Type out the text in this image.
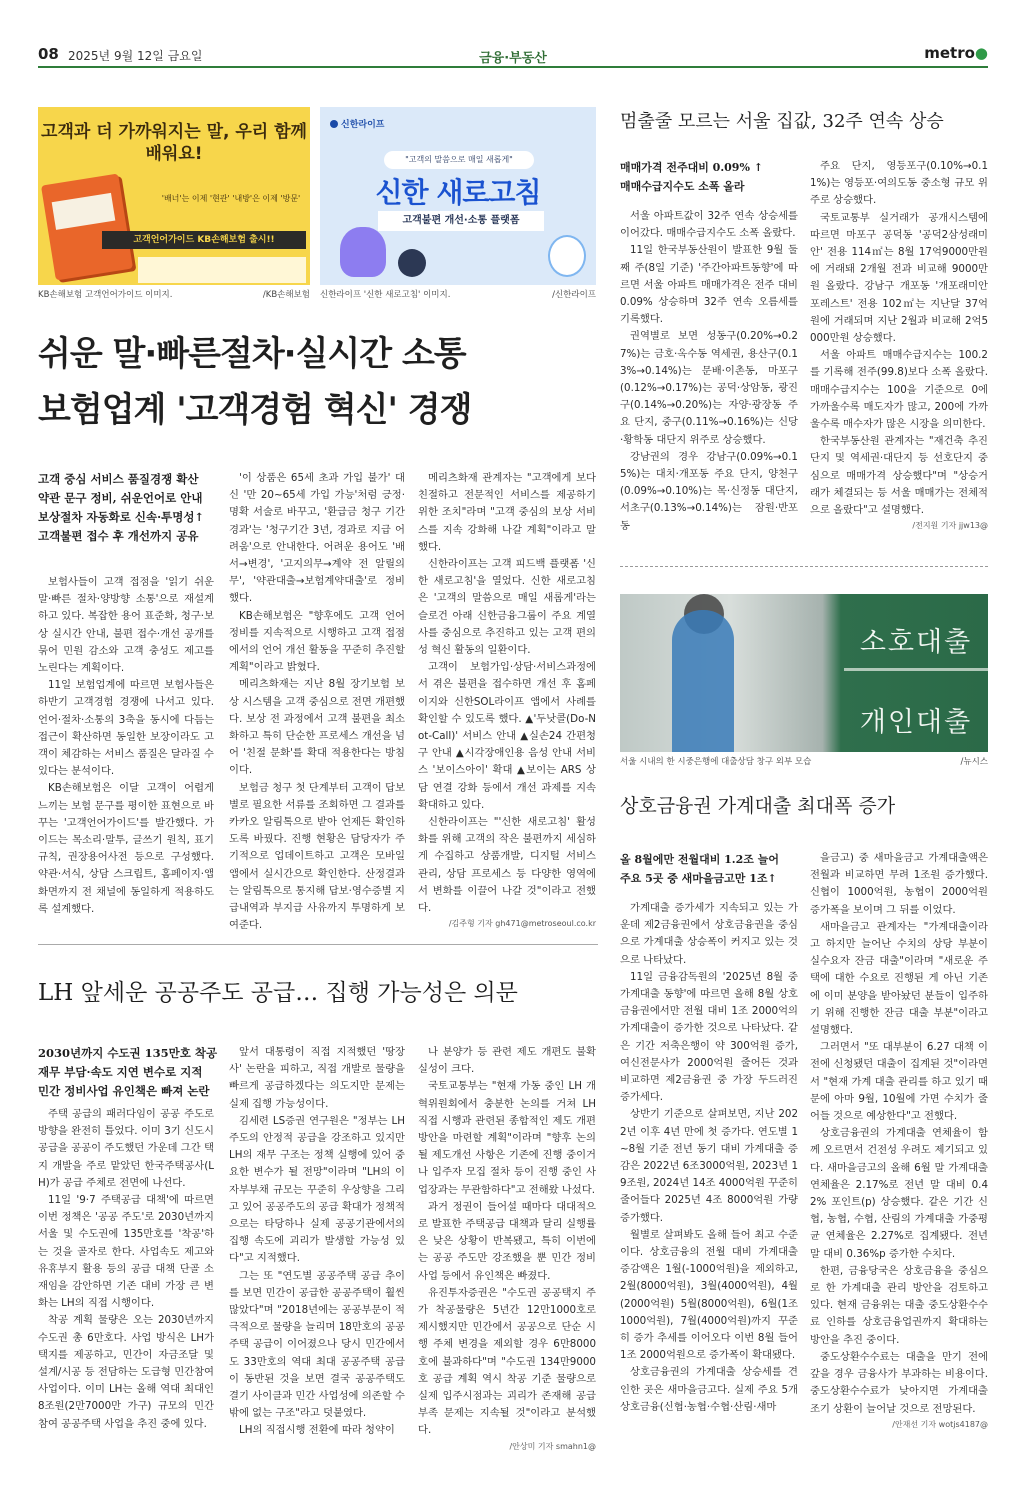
08 2025년 9월 12일 금요일	금융·부동산	metro●
고객과 더 가까워지는 말, 우리 함께 배워요!
'배너'는 이제 '현관' '내방'은 이제 '방문'
고객언어가이드 KB손해보험 출시!!
KB손해보험 고객언어가이드 이미지.	/KB손해보험
신한라이프
"고객의 말씀으로 매일 새롭게"
신한 새로고침
고객불편 개선·소통 플랫폼
신한라이프 '신한 새로고침' 이미지.	/신한라이프
쉬운 말·빠른절차·실시간 소통
보험업계 '고객경험 혁신' 경쟁
고객 중심 서비스 품질경쟁 확산
약관 문구 정비, 쉬운언어로 안내
보상절차 자동화로 신속·투명성↑
고객불편 접수 후 개선까지 공유

보험사들이 고객 접점을 '읽기 쉬운 말·빠른 절차·양방향 소통'으로 재설계하고 있다. 복잡한 용어 표준화, 청구·보상 실시간 안내, 불편 접수·개선 공개를 묶어 민원 감소와 고객 충성도 제고를 노린다는 계획이다.

11일 보험업계에 따르면 보험사들은 하반기 고객경험 경쟁에 나서고 있다. 언어·절차·소통의 3축을 동시에 다듬는 접근이 확산하면 동일한 보장이라도 고객이 체감하는 서비스 품질은 달라질 수 있다는 분석이다.

KB손해보험은 이달 고객이 어렵게 느끼는 보험 문구를 평이한 표현으로 바꾸는 '고객언어가이드'를 발간했다. 가이드는 목소리·말투, 글쓰기 원칙, 표기 규칙, 권장용어사전 등으로 구성했다. 약관·서식, 상담 스크립트, 홈페이지·앱 화면까지 전 채널에 동일하게 적용하도록 설계했다.

'이 상품은 65세 초과 가입 불가' 대신 '만 20~65세 가입 가능'처럼 긍정·명확 서술로 바꾸고, '환급금 청구 기간 경과'는 '청구기간 3년, 경과로 지급 어려움'으로 안내한다. 어려운 용어도 '배서→변경', '고지의무→계약 전 알릴의무', '약관대출→보험계약대출'로 정비했다.

KB손해보험은 "향후에도 고객 언어 정비를 지속적으로 시행하고 고객 접점에서의 언어 개선 활동을 꾸준히 추진할 계획"이라고 밝혔다.

메리츠화재는 지난 8월 장기보험 보상 시스템을 고객 중심으로 전면 개편했다. 보상 전 과정에서 고객 불편을 최소화하고 특히 단순한 프로세스 개선을 넘어 '친절 문화'를 확대 적용한다는 방침이다.

보험금 청구 첫 단계부터 고객이 답보별로 필요한 서류를 조회하면 그 결과를 카카오 알림톡으로 받아 언제든 확인하도록 바꿨다. 진행 현황은 담당자가 주기적으로 업데이트하고 고객은 모바일 앱에서 실시간으로 확인한다. 산정결과는 알림톡으로 통지해 답보·영수증별 지급내역과 부지급 사유까지 투명하게 보여준다.

메리츠화재 관계자는 "고객에게 보다 친절하고 전문적인 서비스를 제공하기 위한 조치"라며 "고객 중심의 보상 서비스를 지속 강화해 나갈 계획"이라고 말했다.

신한라이프는 고객 피드백 플랫폼 '신한 새로고침'을 열었다. 신한 새로고침은 '고객의 말씀으로 매일 새롭게'라는 슬로건 아래 신한금융그룹이 주요 계열사를 중심으로 추진하고 있는 고객 편의성 혁신 활동의 일환이다.

고객이 보험가입·상담·서비스과정에서 겪은 불편을 접수하면 개선 후 홈페이지와 신한SOL라이프 앱에서 사례를 확인할 수 있도록 했다. ▲'두낫콜(Do-Not-Call)' 서비스 안내 ▲실손24 간편청구 안내 ▲시각장애인용 음성 안내 서비스 '보이스아이' 확대 ▲보이는 ARS 상담 연결 강화 등에서 개선 과제를 지속 확대하고 있다.

신한라이프는 "'신한 새로고침' 활성화를 위해 고객의 작은 불편까지 세심하게 수집하고 상품개발, 디지털 서비스 관리, 상담 프로세스 등 다양한 영역에서 변화를 이끌어 나갈 것"이라고 전했다.

/김주형 기자 gh471@metroseoul.co.kr
LH 앞세운 공공주도 공급… 집행 가능성은 의문
2030년까지 수도권 135만호 착공
재무 부담·속도 지연 변수로 지적
민간 정비사업 유인책은 빠져 논란

주택 공급의 패러다임이 공공 주도로 방향을 완전히 틀었다. 이미 3기 신도시 공급을 공공이 주도했던 가운데 그간 택지 개발을 주로 맡았던 한국주택공사(LH)가 공급 주체로 전면에 나선다.

11일 '9·7 주택공급 대책'에 따르면 이번 정책은 '공공 주도'로 2030년까지 서울 및 수도권에 135만호를 '착공'하는 것을 골자로 한다. 사업속도 제고와 유휴부지 활용 등의 공급 대책 단골 소재임을 감안하면 기존 대비 가장 큰 변화는 LH의 직접 시행이다.

착공 계획 물량은 오는 2030년까지 수도권 총 6만호다. 사업 방식은 LH가 택지를 제공하고, 민간이 자금조달 및 설계/시공 등 전담하는 도급형 민간참여사업이다. 이미 LH는 올해 역대 최대인 8조원(2만7000만 가구) 규모의 민간참여 공공주택 사업을 추진 중에 있다.

앞서 대통령이 직접 지적했던 '땅장사' 논란을 피하고, 직접 개발로 물량을 빠르게 공급하겠다는 의도지만 문제는 실제 집행 가능성이다.

김세련 LS증권 연구원은 "정부는 LH 주도의 안정적 공급을 강조하고 있지만 LH의 재무 구조는 정책 실행에 있어 중요한 변수가 될 전망"이라며 "LH의 이자부부채 규모는 꾸준히 우상향을 그리고 있어 공공주도의 공급 확대가 정책적으로는 타당하나 실제 공공기관에서의 집행 속도에 괴리가 발생할 가능성 있다"고 지적했다.

그는 또 "연도별 공공주택 공급 추이를 보면 민간이 공급한 공공주택이 훨씬 많았다"며 "2018년에는 공공부문이 적극적으로 물량을 늘리며 18만호의 공공주택 공급이 이어졌으나 당시 민간에서도 33만호의 역대 최대 공공주택 공급이 동반된 것을 보면 결국 공공주택도 결기 사이클과 민간 사업성에 의존할 수밖에 없는 구조"라고 덧붙였다.

LH의 직접시행 전환에 따라 청약이

나 분양가 등 관련 제도 개편도 불확실성이 크다.

국토교통부는 "현재 가동 중인 LH 개혁위원회에서 충분한 논의를 거쳐 LH 직접 시행과 관련된 종합적인 제도 개편 방안을 마련할 계획"이라며 "향후 논의될 제도개선 사항은 기존에 진행 중이거나 입주자 모집 절차 등이 진행 중인 사업장과는 무관함하다"고 전해왔 나섰다.

과거 정권이 들어설 때마다 대대적으로 발표한 주택공급 대책과 달리 실행률은 낮은 상황이 반복됐고, 특히 이번에는 공공 주도만 강조했을 뿐 민간 정비사업 등에서 유인책은 빠졌다.

유진투자증권은 "수도권 공공택지 주가 착공물량은 5년간 12만1000호로 제시했지만 민간에서 공공으로 단순 시행 주체 변경을 제외할 경우 6만8000호에 불과하다"며 "수도권 134만9000호 공급 계획 역시 착공 기준 물량으로 실제 입주시점과는 괴리가 존재해 공급 부족 문제는 지속될 것"이라고 분석했다.

/안상미 기자 smahn1@
멈출줄 모르는 서울 집값, 32주 연속 상승
매매가격 전주대비 0.09% ↑
매매수급지수도 소폭 올라

서울 아파트값이 32주 연속 상승세를 이어갔다. 매매수급지수도 소폭 올랐다.

11일 한국부동산원이 발표한 9월 둘째 주(8일 기준) '주간아파트동향'에 따르면 서울 아파트 매매가격은 전주 대비 0.09% 상승하며 32주 연속 오름세를 기록했다.

권역별로 보면 성동구(0.20%→0.27%)는 금호·옥수동 역세권, 용산구(0.13%→0.14%)는 문배·이촌동, 마포구(0.12%→0.17%)는 공덕·상암동, 광진구(0.14%→0.20%)는 자양·광장동 주요 단지, 중구(0.11%→0.16%)는 신당·황학동 대단지 위주로 상승했다.

강남권의 경우 강남구(0.09%→0.15%)는 대치·개포동 주요 단지, 양천구(0.09%→0.10%)는 목·신정동 대단지, 서초구(0.13%→0.14%)는 잠원·반포동

주요 단지, 영등포구(0.10%→0.11%)는 영등포·여의도동 중소형 규모 위주로 상승했다.

국토교통부 실거래가 공개시스템에 따르면 마포구 공덕동 '공덕2삼성래미안' 전용 114㎡는 8월 17억9000만원에 거래돼 2개월 전과 비교해 9000만원 올랐다. 강남구 개포동 '개포래미안포레스트' 전용 102㎡는 지난달 37억원에 거래되며 지난 2월과 비교해 2억5000만원 상승했다.

서울 아파트 매매수급지수는 100.2를 기록해 전주(99.8)보다 소폭 올랐다. 매매수급지수는 100을 기준으로 0에 가까울수록 매도자가 많고, 200에 가까울수록 매수자가 많은 시장을 의미한다.

한국부동산원 관계자는 "재건축 추진단지 및 역세권·대단지 등 선호단지 중심으로 매매가격 상승했다"며 "상승거래가 체결되는 등 서울 매매가는 전체적으로 올랐다"고 설명했다.

/전지원 기자 jjw13@
소호대출
개인대출
서울 시내의 한 시중은행에 대출상담 창구 외부 모습	/뉴시스
상호금융권 가계대출 최대폭 증가
올 8월에만 전월대비 1.2조 늘어
주요 5곳 중 새마을금고만 1조↑

가계대출 증가세가 지속되고 있는 가운데 제2금융권에서 상호금융권을 중심으로 가계대출 상승폭이 커지고 있는 것으로 나타났다.

11일 금융감독원의 '2025년 8월 중 가계대출 동향'에 따르면 올해 8월 상호금융권에서만 전월 대비 1조 2000억의 가계대출이 증가한 것으로 나타났다. 같은 기간 저축은행이 약 300억원 증가, 여신전문사가 2000억원 줄어든 것과 비교하면 제2금융권 중 가장 두드러진 증가세다.

상반기 기준으로 살펴보면, 지난 2022년 이후 4년 만에 첫 증가다. 연도별 1~8월 기준 전년 동기 대비 가계대출 증감은 2022년 6조3000억원, 2023년 19조원, 2024년 14조 4000억원 꾸준히 줄어들다 2025년 4조 8000억원 가량 증가했다.

월별로 살펴봐도 올해 들어 최고 수준이다. 상호금융의 전월 대비 가계대출 증감액은 1월(-1000억원)을 제외하고, 2월(8000억원), 3월(4000억원), 4월(2000억원) 5월(8000억원), 6월(1조 1000억원), 7월(4000억원)까지 꾸준히 증가 추세를 이어오다 이번 8월 들어 1조 2000억원으로 증가폭이 확대됐다.

상호금융권의 가계대출 상승세를 견인한 곳은 새마을금고다. 실제 주요 5개 상호금융(신협·농협·수협·산림·새마

을금고) 중 새마을금고 가계대출액은 전월과 비교하면 무려 1조원 증가했다. 신협이 1000억원, 농협이 2000억원 증가폭을 보이며 그 뒤를 이었다.

새마을금고 관계자는 "가계대출이라고 하지만 늘어난 수치의 상당 부분이 실수요자 잔금 대출"이라며 "새로운 주택에 대한 수요로 진행된 게 아닌 기존에 이미 분양을 받아놨던 분들이 입주하기 위해 진행한 잔금 대출 부분"이라고 설명했다.

그러면서 "또 대부분이 6.27 대책 이전에 신청됐던 대출이 집계된 것"이라면서 "현재 가계 대출 관리를 하고 있기 때문에 아마 9월, 10월에 가면 수치가 줄어들 것으로 예상한다"고 전했다.

상호금융권의 가계대출 연체율이 함께 오르면서 건전성 우려도 제기되고 있다. 새마을금고의 올해 6월 말 가계대출 연체율은 2.17%로 전년 말 대비 0.42% 포인트(p) 상승했다. 같은 기간 신협, 농협, 수협, 산림의 가계대출 가중평균 연체율은 2.27%로 집계됐다. 전년 말 대비 0.36%p 증가한 수치다.

한편, 금융당국은 상호금융을 중심으로 한 가계대출 관리 방안을 검토하고 있다. 현재 금융위는 대출 중도상환수수료 인하를 상호금융업권까지 확대하는 방안을 추진 중이다.

중도상환수수료는 대출을 만기 전에 갚을 경우 금융사가 부과하는 비용이다. 중도상환수수료가 낮아지면 가계대출 조기 상환이 늘어날 것으로 전망된다.

/안재선 기자 wotjs4187@
